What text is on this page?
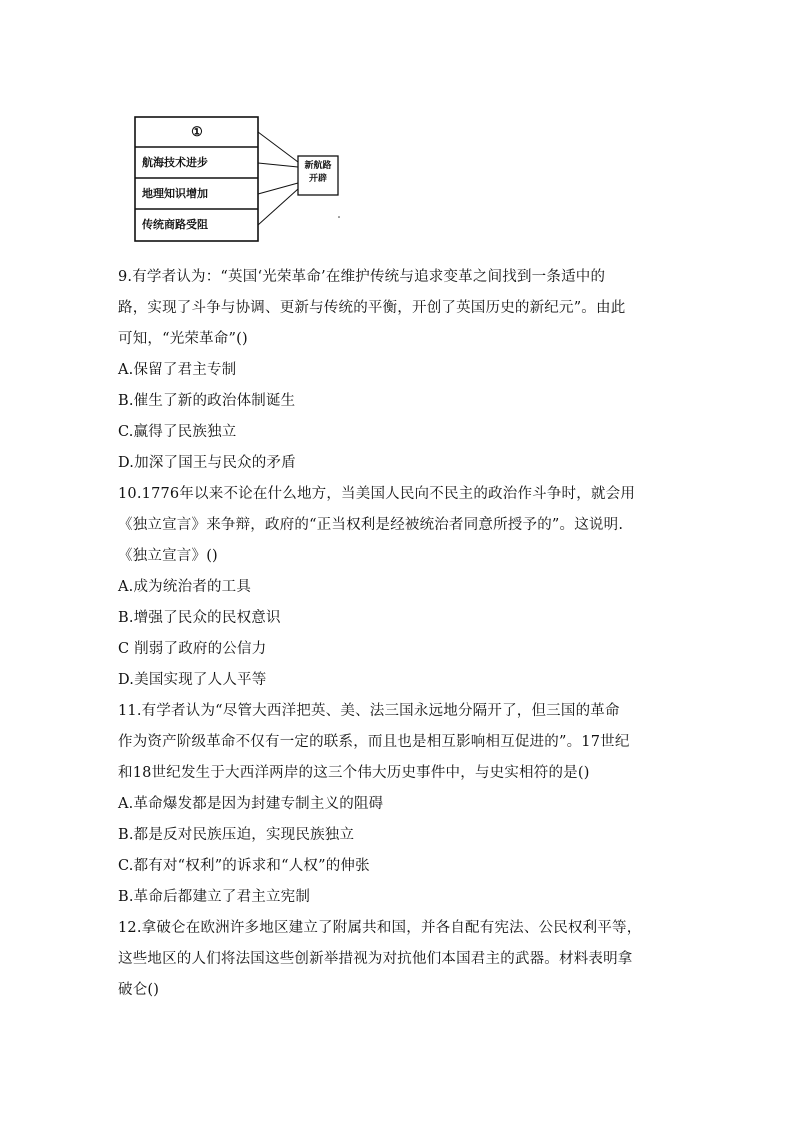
①
航海技术进步
地理知识增加
传统商路受阻
新航路
开辟
9.有学者认为：“英国‘光荣革命’在维护传统与追求变革之间找到一条适中的
路，实现了斗争与协调、更新与传统的平衡，开创了英国历史的新纪元”。由此
可知，“光荣革命”()
A.保留了君主专制
B.催生了新的政治体制诞生
C.赢得了民族独立
D.加深了国王与民众的矛盾
10.1776年以来不论在什么地方，当美国人民向不民主的政治作斗争时，就会用
《独立宣言》来争辩，政府的“正当权利是经被统治者同意所授予的”。这说明.
《独立宣言》()
A.成为统治者的工具
B.增强了民众的民权意识
C 削弱了政府的公信力
D.美国实现了人人平等
11.有学者认为“尽管大西洋把英、美、法三国永远地分隔开了，但三国的革命
作为资产阶级革命不仅有一定的联系，而且也是相互影响相互促进的”。17世纪
和18世纪发生于大西洋两岸的这三个伟大历史事件中，与史实相符的是()
A.革命爆发都是因为封建专制主义的阻碍
B.都是反对民族压迫，实现民族独立
C.都有对“权利”的诉求和“人权”的伸张
B.革命后都建立了君主立宪制
12.拿破仑在欧洲许多地区建立了附属共和国，并各自配有宪法、公民权利平等，
这些地区的人们将法国这些创新举措视为对抗他们本国君主的武器。材料表明拿
破仑()
